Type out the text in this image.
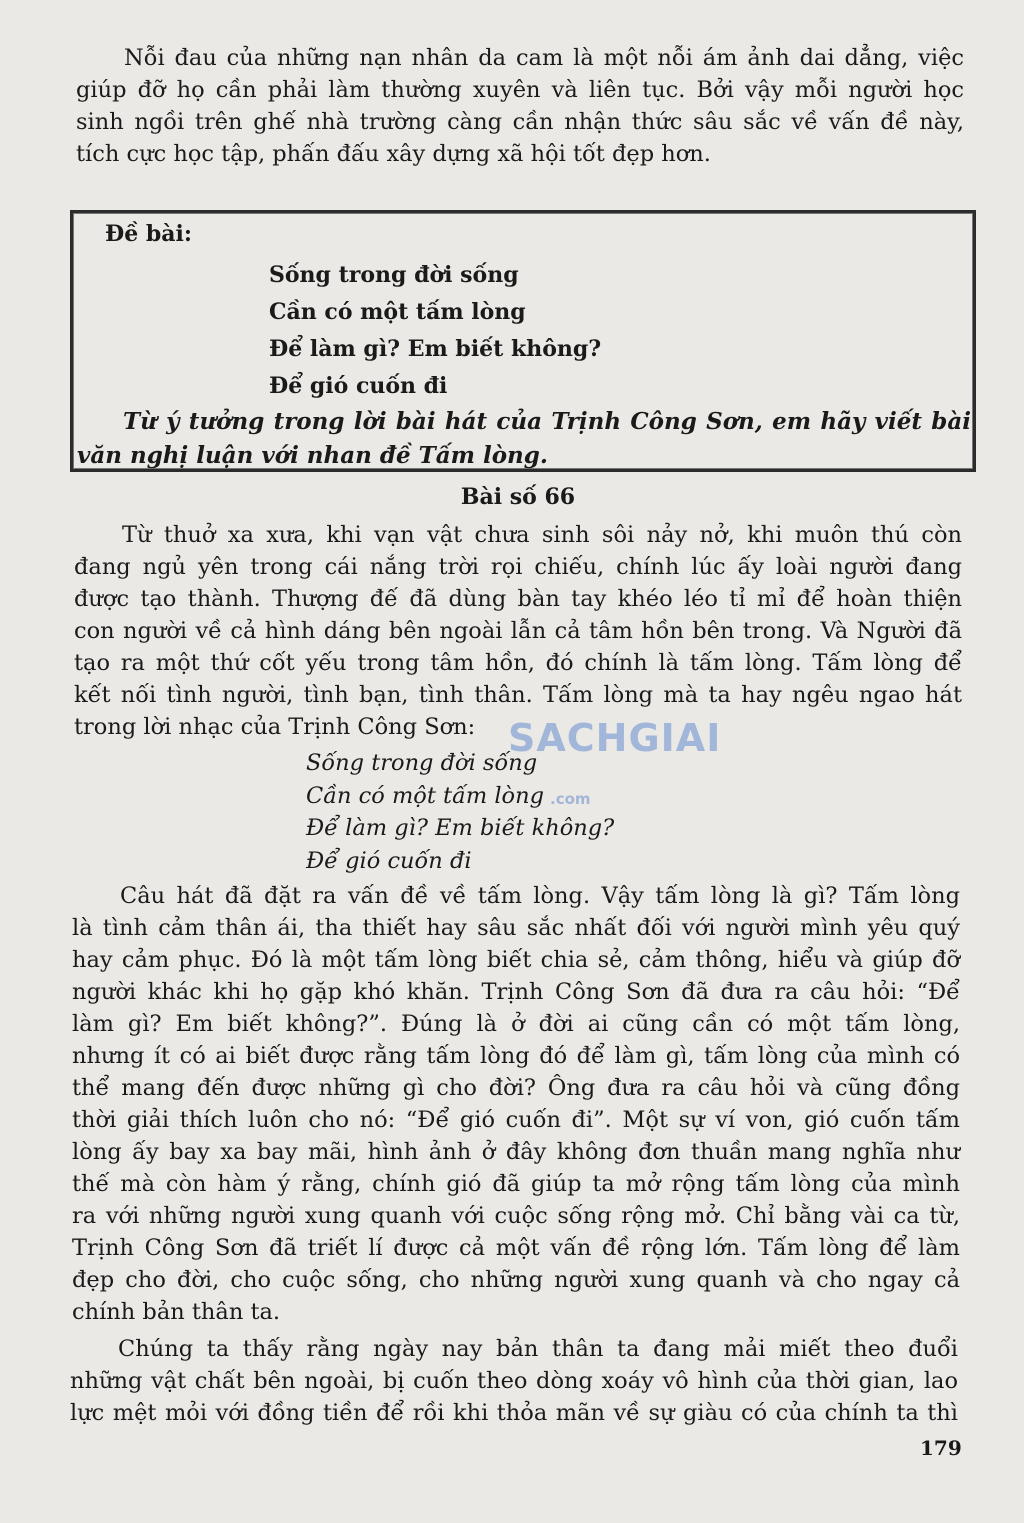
Nỗi đau của những nạn nhân da cam là một nỗi ám ảnh dai dẳng, việc
giúp đỡ họ cần phải làm thường xuyên và liên tục. Bởi vậy mỗi người học
sinh ngồi trên ghế nhà trường càng cần nhận thức sâu sắc về vấn đề này,
tích cực học tập, phấn đấu xây dựng xã hội tốt đẹp hơn.
Đề bài:
Sống trong đời sống
Cần có một tấm lòng
Để làm gì? Em biết không?
Để gió cuốn đi
Từ ý tưởng trong lời bài hát của Trịnh Công Sơn, em hãy viết bài
văn nghị luận với nhan đề Tấm lòng.
Bài số 66
Từ thuở xa xưa, khi vạn vật chưa sinh sôi nảy nở, khi muôn thú còn
đang ngủ yên trong cái nắng trời rọi chiếu, chính lúc ấy loài người đang
được tạo thành. Thượng đế đã dùng bàn tay khéo léo tỉ mỉ để hoàn thiện
con người về cả hình dáng bên ngoài lẫn cả tâm hồn bên trong. Và Người đã
tạo ra một thứ cốt yếu trong tâm hồn, đó chính là tấm lòng. Tấm lòng để
kết nối tình người, tình bạn, tình thân. Tấm lòng mà ta hay ngêu ngao hát
trong lời nhạc của Trịnh Công Sơn:
Sống trong đời sống
Cần có một tấm lòng
Để làm gì? Em biết không?
Để gió cuốn đi
Câu hát đã đặt ra vấn đề về tấm lòng. Vậy tấm lòng là gì? Tấm lòng
là tình cảm thân ái, tha thiết hay sâu sắc nhất đối với người mình yêu quý
hay cảm phục. Đó là một tấm lòng biết chia sẻ, cảm thông, hiểu và giúp đỡ
người khác khi họ gặp khó khăn. Trịnh Công Sơn đã đưa ra câu hỏi: “Để
làm gì? Em biết không?”. Đúng là ở đời ai cũng cần có một tấm lòng,
nhưng ít có ai biết được rằng tấm lòng đó để làm gì, tấm lòng của mình có
thể mang đến được những gì cho đời? Ông đưa ra câu hỏi và cũng đồng
thời giải thích luôn cho nó: “Để gió cuốn đi”. Một sự ví von, gió cuốn tấm
lòng ấy bay xa bay mãi, hình ảnh ở đây không đơn thuần mang nghĩa như
thế mà còn hàm ý rằng, chính gió đã giúp ta mở rộng tấm lòng của mình
ra với những người xung quanh với cuộc sống rộng mở. Chỉ bằng vài ca từ,
Trịnh Công Sơn đã triết lí được cả một vấn đề rộng lớn. Tấm lòng để làm
đẹp cho đời, cho cuộc sống, cho những người xung quanh và cho ngay cả
chính bản thân ta.
Chúng ta thấy rằng ngày nay bản thân ta đang mải miết theo đuổi
những vật chất bên ngoài, bị cuốn theo dòng xoáy vô hình của thời gian, lao
lực mệt mỏi với đồng tiền để rồi khi thỏa mãn về sự giàu có của chính ta thì
SACHGIAI
.com
179
